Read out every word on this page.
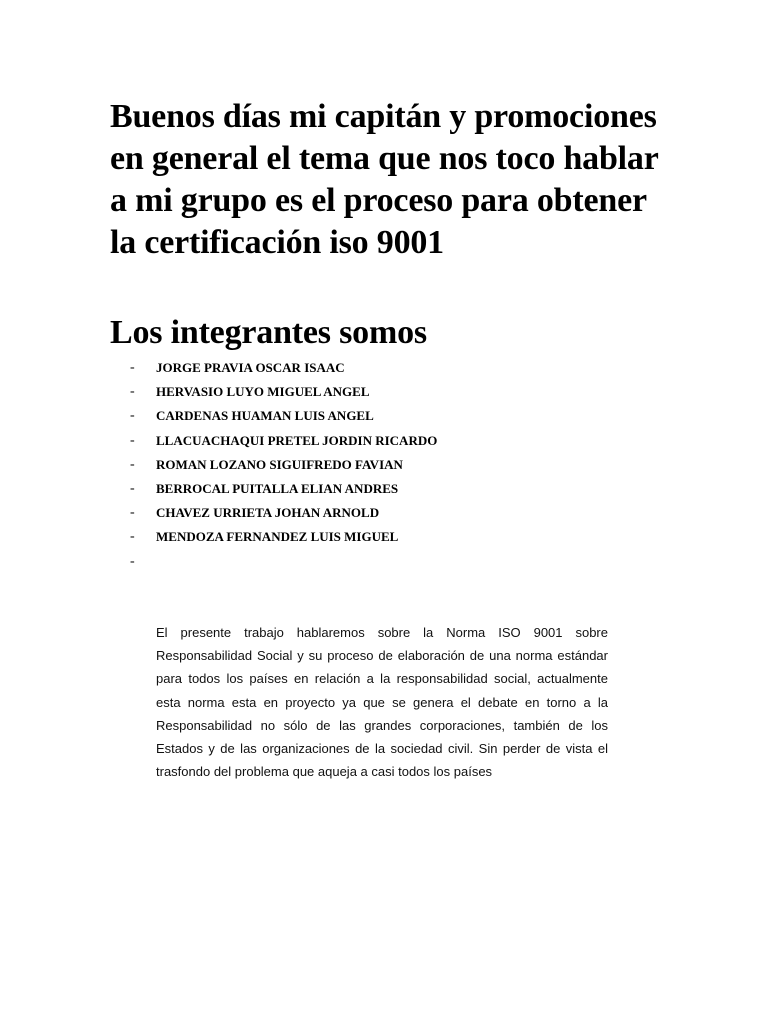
Buenos días mi capitán y promociones en general el tema que nos toco hablar a mi grupo es el proceso para obtener la certificación iso 9001
Los integrantes somos
-	JORGE PRAVIA OSCAR ISAAC
-	HERVASIO LUYO MIGUEL ANGEL
-	CARDENAS HUAMAN LUIS ANGEL
-	LLACUACHAQUI PRETEL JORDIN RICARDO
-	ROMAN LOZANO SIGUIFREDO FAVIAN
-	BERROCAL PUITALLA ELIAN ANDRES
-	CHAVEZ URRIETA JOHAN ARNOLD
-	MENDOZA FERNANDEZ LUIS MIGUEL
-

El presente trabajo hablaremos sobre la Norma ISO 9001 sobre Responsabilidad Social y su proceso de elaboración de una norma estándar para todos los países en relación a la responsabilidad social, actualmente esta norma esta en proyecto ya que se genera el debate en torno a la Responsabilidad no sólo de las grandes corporaciones, también de los Estados y de las organizaciones de la sociedad civil. Sin perder de vista el trasfondo del problema que aqueja a casi todos los países
